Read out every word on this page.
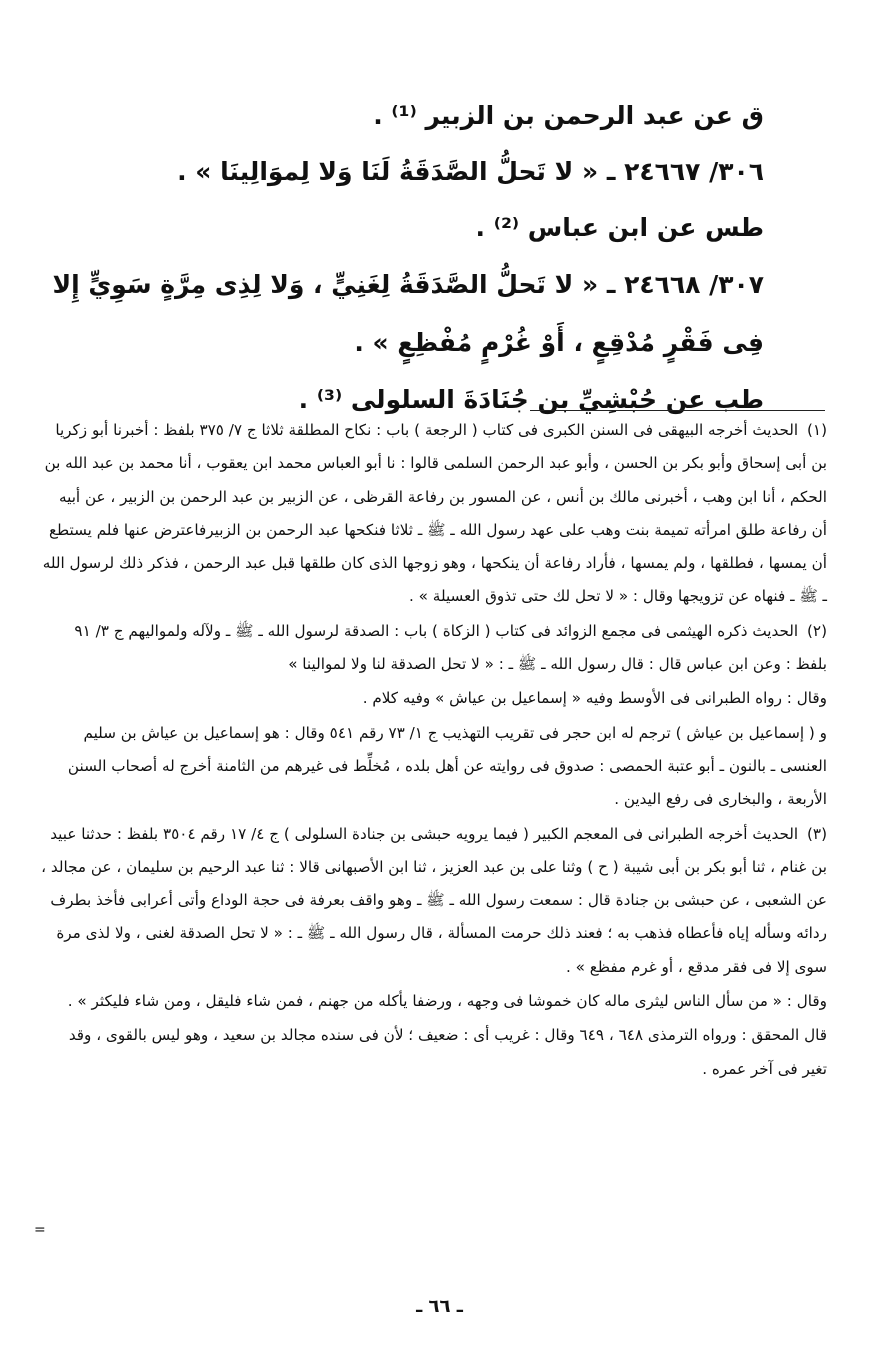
ق عن عبد الرحمن بن الزبير ⁽¹⁾ .
٣٠٦/ ٢٤٦٦٧ ـ « لا تَحلُّ الصَّدَقَةُ لَنَا وَلا لِموَالِينَا » .
طس عن ابن عباس ⁽²⁾ .
٣٠٧/ ٢٤٦٦٨ ـ « لا تَحلُّ الصَّدَقَةُ لِغَنِيٍّ ، وَلا لِذِى مِرَّةٍ سَوِيٍّ إِلا فِى فَقْرٍ مُدْقِعٍ ، أَوْ غُرْمٍ مُفْظِعٍ » .
طب عن حُبْشِيِّ بن جُنَادَةَ السلولى ⁽³⁾ .
(١) الحديث أخرجه البيهقى فى السنن الكبرى فى كتاب ( الرجعة ) باب : نكاح المطلقة ثلاثا ج ٧/ ٣٧٥ بلفظ : أخبرنا أبو زكريا بن أبى إسحاق وأبو بكر بن الحسن ، وأبو عبد الرحمن السلمى قالوا : نا أبو العباس محمد ابن يعقوب ، أنا محمد بن عبد الله بن الحكم ، أنا ابن وهب ، أخبرنى مالك بن أنس ، عن المسور بن رفاعة القرظى ، عن الزبير بن عبد الرحمن بن الزبير ، عن أبيه أن رفاعة طلق امرأته تميمة بنت وهب على عهد رسول الله ـ ﷺ ـ ثلاثا فنكحها عبد الرحمن بن الزبيرفاعترض عنها فلم يستطع أن يمسها ، فطلقها ، ولم يمسها ، فأراد رفاعة أن ينكحها ، وهو زوجها الذى كان طلقها قبل عبد الرحمن ، فذكر ذلك لرسول الله ـ ﷺ ـ فنهاه عن تزويجها وقال : « لا تحل لك حتى تذوق العسيلة » .
(٢) الحديث ذكره الهيثمى فى مجمع الزوائد فى كتاب ( الزكاة ) باب : الصدقة لرسول الله ـ ﷺ ـ ولآله ولمواليهم ج ٣/ ٩١ بلفظ : وعن ابن عباس قال : قال رسول الله ـ ﷺ ـ : « لا تحل الصدقة لنا ولا لموالينا »
وقال : رواه الطبرانى فى الأوسط وفيه « إسماعيل بن عياش » وفيه كلام .
و ( إسماعيل بن عياش ) ترجم له ابن حجر فى تقريب التهذيب ج ١/ ٧٣ رقم ٥٤١ وقال : هو إسماعيل بن عياش بن سليم العنسى ـ بالنون ـ أبو عتبة الحمصى : صدوق فى روايته عن أهل بلده ، مُخلِّط فى غيرهم من الثامنة أخرج له أصحاب السنن الأربعة ، والبخارى فى رفع اليدين .
(٣) الحديث أخرجه الطبرانى فى المعجم الكبير ( فيما يرويه حبشى بن جنادة السلولى ) ج ٤/ ١٧ رقم ٣٥٠٤ بلفظ : حدثنا عبيد بن غنام ، ثنا أبو بكر بن أبى شيبة ( ح ) وثنا على بن عبد العزيز ، ثنا ابن الأصبهانى قالا : ثنا عبد الرحيم بن سليمان ، عن مجالد ، عن الشعبى ، عن حبشى بن جنادة قال : سمعت رسول الله ـ ﷺ ـ وهو واقف بعرفة فى حجة الوداع وأتى أعرابى فأخذ بطرف ردائه وسأله إياه فأعطاه فذهب به ؛ فعند ذلك حرمت المسألة ، قال رسول الله ـ ﷺ ـ : « لا تحل الصدقة لغنى ، ولا لذى مرة سوى إلا فى فقر مدقع ، أو غرم مفظع » .
وقال : « من سأل الناس ليثرى ماله كان خموشا فى وجهه ، ورضفا يأكله من جهنم ، فمن شاء فليقل ، ومن شاء فليكثر » .
قال المحقق : ورواه الترمذى ٦٤٨ ، ٦٤٩ وقال : غريب أى : ضعيف ؛ لأن فى سنده مجالد بن سعيد ، وهو ليس بالقوى ، وقد تغير فى آخر عمره .
=
ـ ٦٦ ـ
